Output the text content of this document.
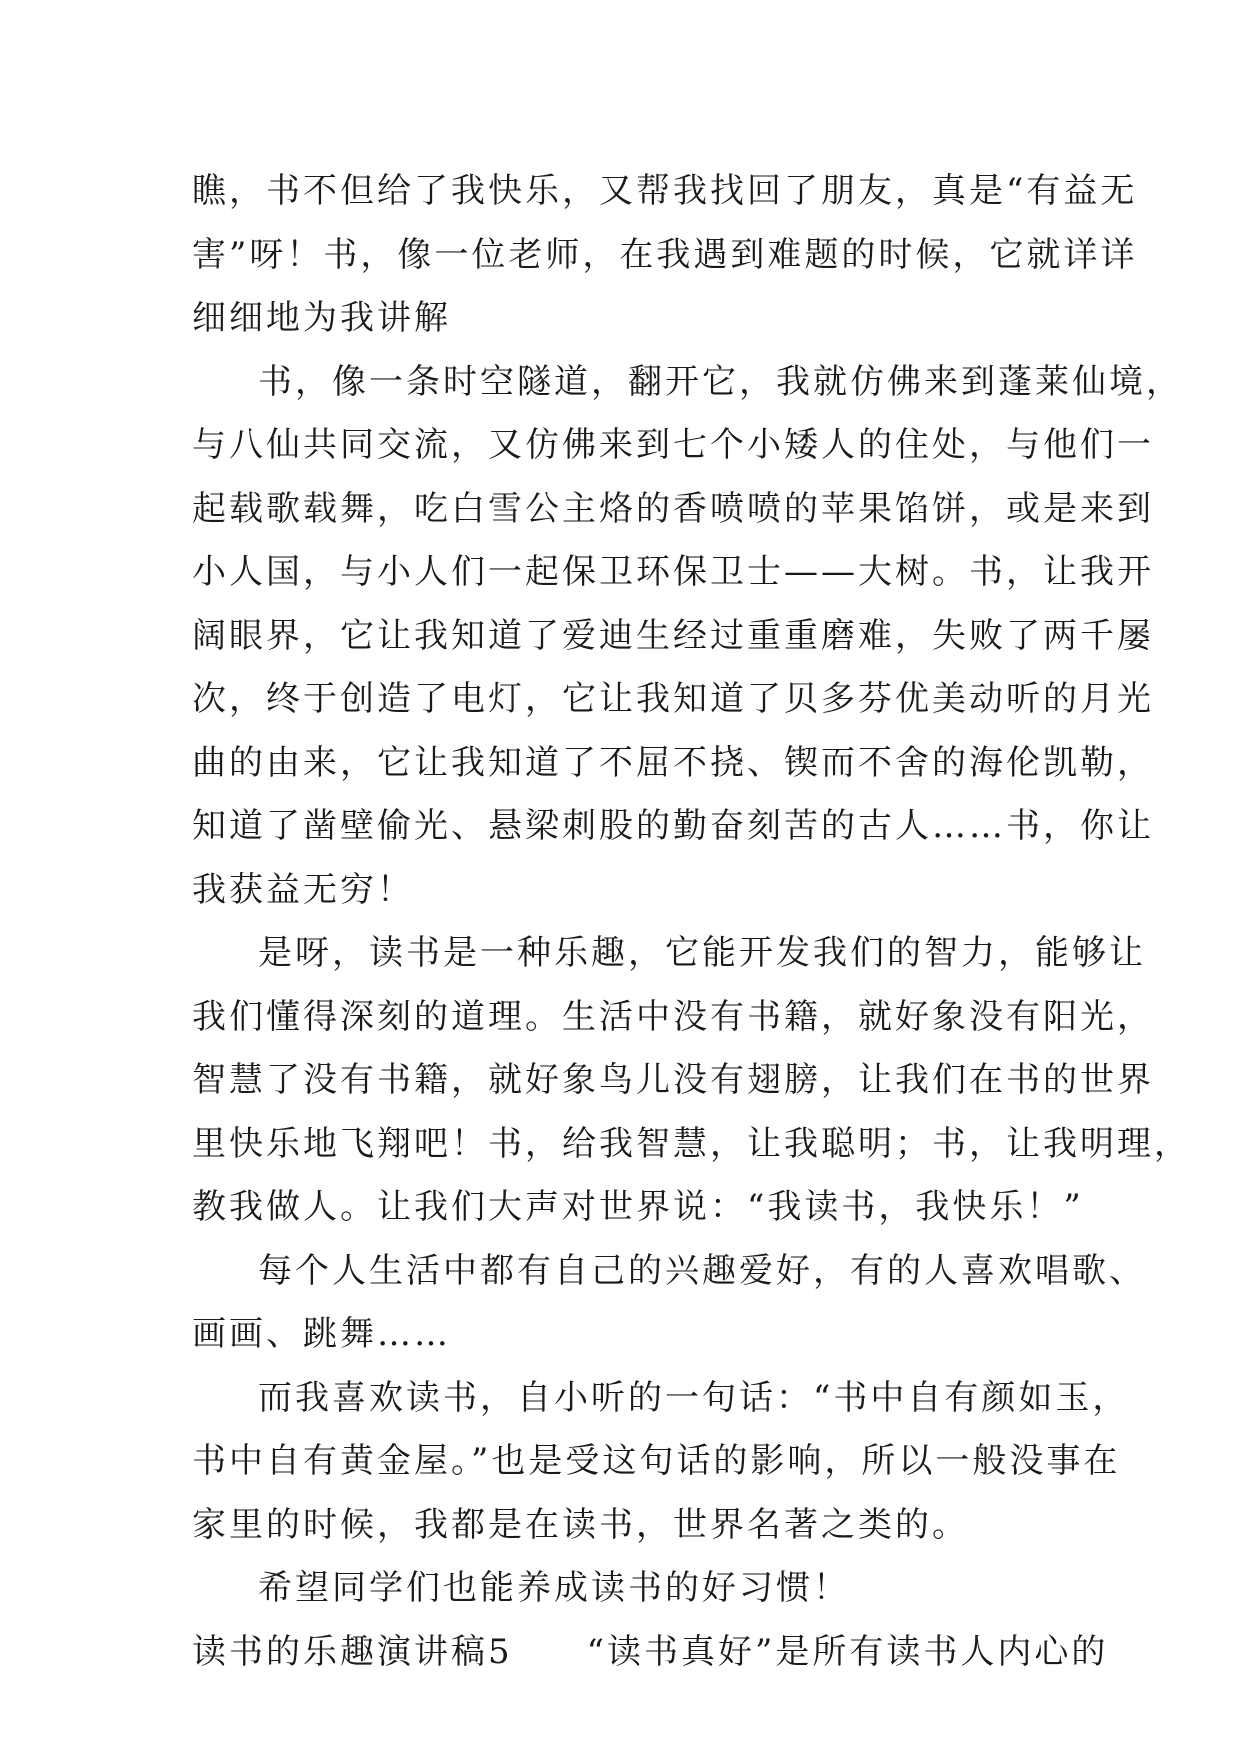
瞧，书不但给了我快乐，又帮我找回了朋友，真是“有益无
害”呀！书，像一位老师，在我遇到难题的时候，它就详详
细细地为我讲解
书，像一条时空隧道，翻开它，我就仿佛来到蓬莱仙境，
与八仙共同交流，又仿佛来到七个小矮人的住处，与他们一
起载歌载舞，吃白雪公主烙的香喷喷的苹果馅饼，或是来到
小人国，与小人们一起保卫环保卫士——大树。书，让我开
阔眼界，它让我知道了爱迪生经过重重磨难，失败了两千屡
次，终于创造了电灯，它让我知道了贝多芬优美动听的月光
曲的由来，它让我知道了不屈不挠、锲而不舍的海伦凯勒，
知道了凿壁偷光、悬梁刺股的勤奋刻苦的古人……书，你让
我获益无穷！
是呀，读书是一种乐趣，它能开发我们的智力，能够让
我们懂得深刻的道理。生活中没有书籍，就好象没有阳光，
智慧了没有书籍，就好象鸟儿没有翅膀，让我们在书的世界
里快乐地飞翔吧！书，给我智慧，让我聪明；书，让我明理，
教我做人。让我们大声对世界说：“我读书，我快乐！”
每个人生活中都有自己的兴趣爱好，有的人喜欢唱歌、
画画、跳舞……
而我喜欢读书，自小听的一句话：“书中自有颜如玉，
书中自有黄金屋。”也是受这句话的影响，所以一般没事在
家里的时候，我都是在读书，世界名著之类的。
希望同学们也能养成读书的好习惯！
读书的乐趣演讲稿5　　“读书真好”是所有读书人内心的
